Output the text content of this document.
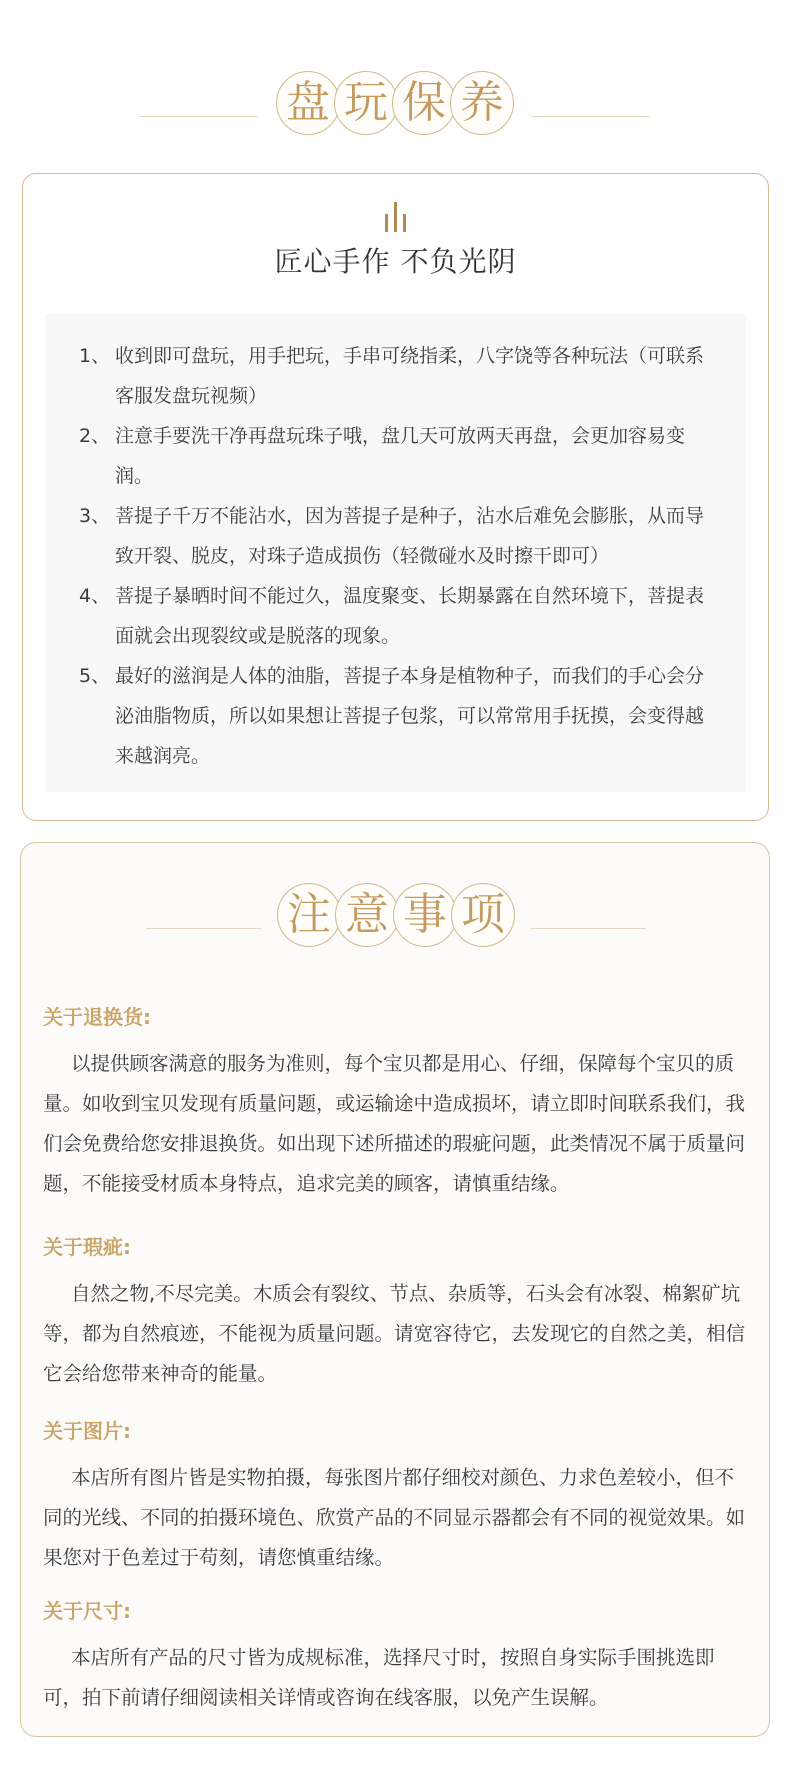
盘 玩 保 养
匠心手作 不负光阴
1、 收到即可盘玩，用手把玩，手串可绕指柔，八字饶等各种玩法（可联系客服发盘玩视频）
2、 注意手要洗干净再盘玩珠子哦，盘几天可放两天再盘，会更加容易变润。
3、 菩提子千万不能沾水，因为菩提子是种子，沾水后难免会膨胀，从而导致开裂、脱皮，对珠子造成损伤（轻微碰水及时擦干即可）
4、 菩提子暴晒时间不能过久，温度聚变、长期暴露在自然环境下，菩提表面就会出现裂纹或是脱落的现象。
5、 最好的滋润是人体的油脂，菩提子本身是植物种子，而我们的手心会分泌油脂物质，所以如果想让菩提子包浆，可以常常用手抚摸，会变得越来越润亮。
注 意 事 项
关于退换货:

以提供顾客满意的服务为准则，每个宝贝都是用心、仔细，保障每个宝贝的质量。如收到宝贝发现有质量问题，或运输途中造成损坏，请立即时间联系我们，我们会免费给您安排退换货。如出现下述所描述的瑕疵问题，此类情况不属于质量问题，不能接受材质本身特点，追求完美的顾客，请慎重结缘。

关于瑕疵:

自然之物,不尽完美。木质会有裂纹、节点、杂质等，石头会有冰裂、棉絮矿坑等，都为自然痕迹，不能视为质量问题。请宽容待它，去发现它的自然之美，相信它会给您带来神奇的能量。

关于图片:

本店所有图片皆是实物拍摄，每张图片都仔细校对颜色、力求色差较小，但不同的光线、不同的拍摄环境色、欣赏产品的不同显示器都会有不同的视觉效果。如果您对于色差过于苟刻，请您慎重结缘。

关于尺寸:

本店所有产品的尺寸皆为成规标准，选择尺寸时，按照自身实际手围挑选即可，拍下前请仔细阅读相关详情或咨询在线客服，以免产生误解。
